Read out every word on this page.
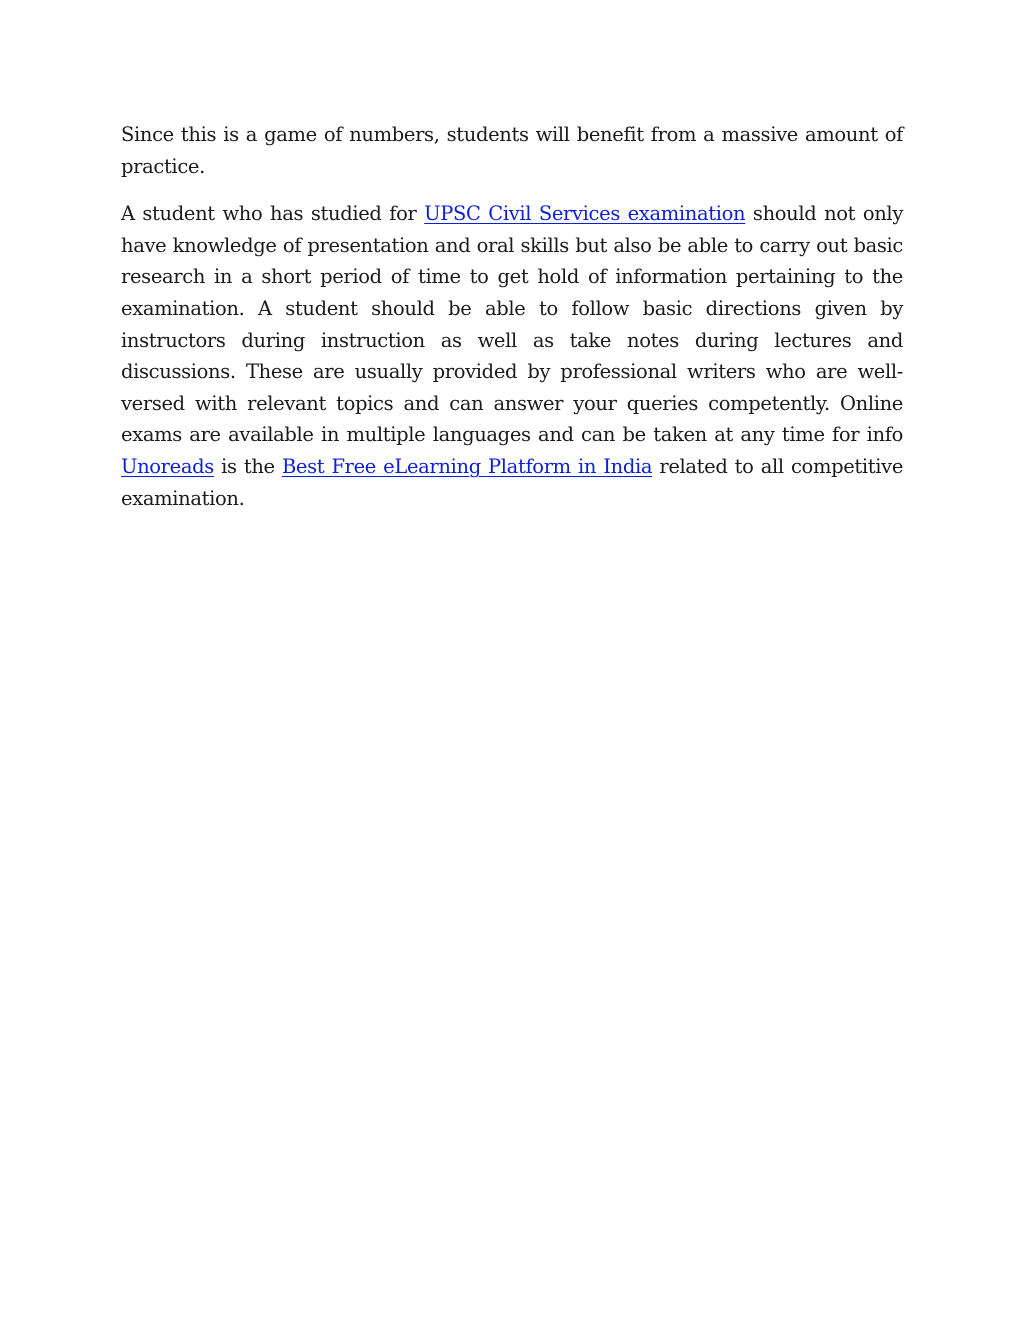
Since this is a game of numbers, students will benefit from a massive amount of practice.

A student who has studied for UPSC Civil Services examination should not only have knowledge of presentation and oral skills but also be able to carry out basic research in a short period of time to get hold of information pertaining to the examination. A student should be able to follow basic directions given by instructors during instruction as well as take notes during lectures and discussions. These are usually provided by professional writers who are well-versed with relevant topics and can answer your queries competently. Online exams are available in multiple languages and can be taken at any time for info Unoreads is the Best Free eLearning Platform in India related to all competitive examination.
